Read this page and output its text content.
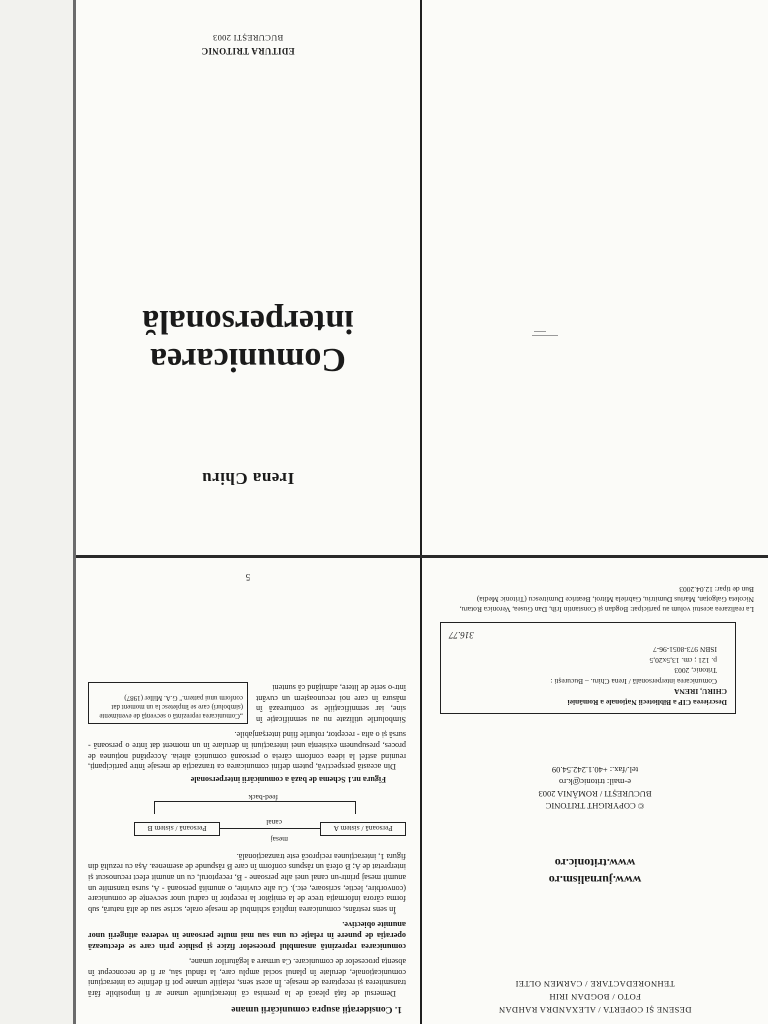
DESENE ȘI COPERTA / ALEXANDRA RAHDAN
FOTO / BOGDAN IRIH
TEHNOREDACTARE / CARMEN OLTEI
www.jurnalism.ro
www.tritonic.ro
© COPYRIGHT TRITONIC
BUCUREȘTI / ROMÂNIA 2003
e-mail: tritonic@k.ro
tel./fax.: +40.1.242.54.09
Descrierea CIP a Bibliotecii Naționale a României
CHIRU, IRENA
Comunicarea interpersonală / Irena Chiru. – București :
Tritonic, 2003
p. 121 ; cm. 13,5x20,5
ISBN 973-8051-96-7
316.77
La realizarea acestui volum au participat: Bogdan și Constantin Irih, Dan Gusea, Veronica Rotaru, Nicoleta Galgoțan, Marius Dumitriu, Gabriela Mitroi, Beatrice Dumitrescu (Tritonic Media)
Bun de tipar: 12.04.2003
1. Considerații asupra comunicării umane

Demersul de față pleacă de la premisa că interacțiunile umane ar fi imposibile fără transmiterea și receptarea de mesaje. În acest sens, relațiile umane pot fi definite ca interacțiuni comunicaționale, derulate în planul social amplu care, la rândul său, ar fi de neconceput în absența proceselor de comunicare. Ca urmare a legăturilor umane,

comunicarea reprezintă ansamblul proceselor fizice și psihice prin care se efectuează operația de punere în relație cu una sau mai multe persoane în vederea atingerii unor anumite obiective.

În sens restrâns, comunicarea implică schimbul de mesaje orale, scrise sau de altă natură, sub forma cărora informația trece de la emițător la receptor în cadrul unor secvențe de comunicare (convorbire, lectie, scrisoare, etc.). Cu alte cuvinte, o anumită persoană - A, sursa transmite un anumit mesaj printr-un canal unei alte persoane - B, receptorul, cu un anumit efect recunoscut și interpretat de A; B oferă un răspuns conform în care B răspunde de asemenea. Așa cu rezultă din figura 1, interacțiunea reciprocă este tranzacțională.

Persoană / sistem A
mesaj
canal
Persoană / sistem B
feed-back
Figura nr.1 Schema de bază a comunicării interpersonale

Din această perspectivă, putem defini comunicarea ca tranzacția de mesaje între participanți, reunind astfel la ideea conform căreia o persoană comunică alteia. Acceptând noțiunea de proces, presupunem existența unei interacțiuni în derulare în un moment dat între o persoană - sursă și o alta - receptor, rolurile fiind interșanjabile.

Simbolurile utilizate nu au semnificație în sine, iar semnificațiile se conturează în măsura în care noi recunoaștem un cuvânt într-o serie de litere, admițând că sunteni
„Comunicarea reprezintă o secvență de evenimente (simboluri) care se împletesc la un moment dat conform unui pattern." G.A. Miller (1987)
5
Irena Chiru
Comunicarea
interpersonală
EDITURA TRITONIC
BUCUREȘTI 2003
